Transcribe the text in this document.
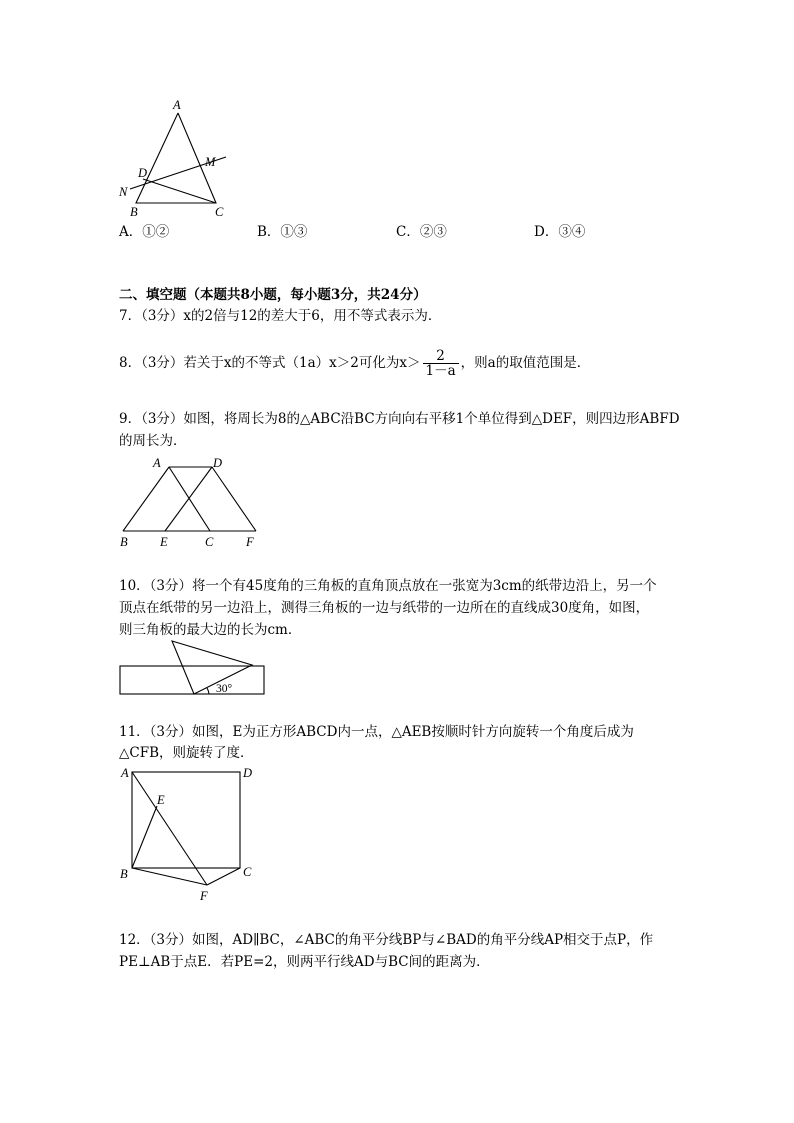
A
M
D
N
B	C
A．①②	B．①③	C．②③	D．③④
二、填空题（本题共8小题，每小题3分，共24分）
7．（3分）x的2倍与12的差大于6，用不等式表示为．
8．（3分）若关于x的不等式（1a）x＞2可化为$x> \frac{2}{1-a}$ ，则a的取值范围是．
9．（3分）如图，将周长为8的△ABC沿BC方向向右平移1个单位得到△DEF，则四边形ABFD
的周长为．
A	D
B	E	C	F
10．（3分）将一个有45度角的三角板的直角顶点放在一张宽为3cm的纸带边沿上，另一个
顶点在纸带的另一边沿上，测得三角板的一边与纸带的一边所在的直线成30度角，如图，
则三角板的最大边的长为cm．
30°
11．（3分）如图，E为正方形ABCD内一点，△AEB按顺时针方向旋转一个角度后成为
△CFB，则旋转了度．
A	D
E
B	C
F
12．（3分）如图，AD∥BC，∠ABC的角平分线BP与∠BAD的角平分线AP相交于点P，作
PE⊥AB于点E．若PE=2，则两平行线AD与BC间的距离为．
